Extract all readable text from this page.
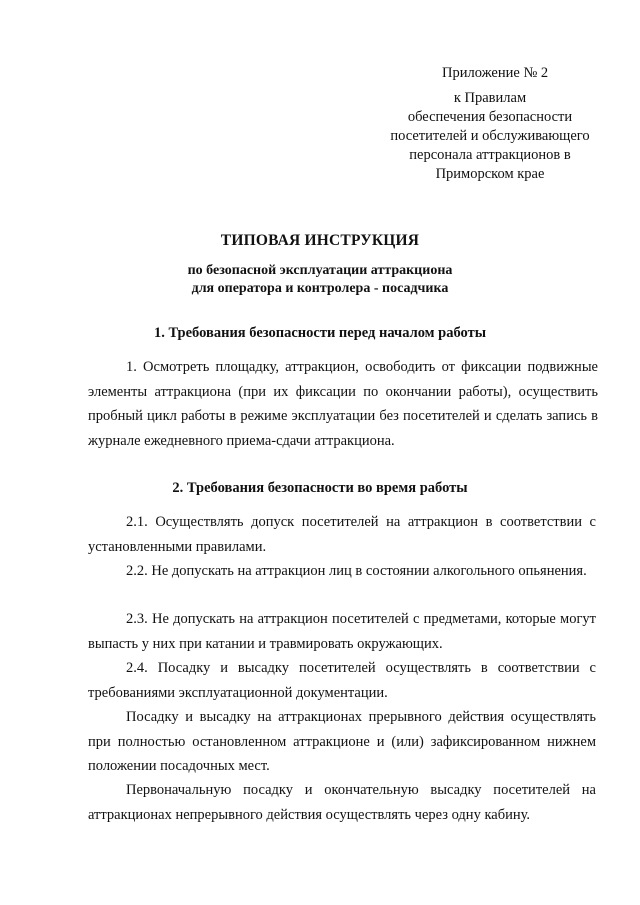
Приложение № 2
к Правилам
обеспечения безопасности
посетителей и обслуживающего
персонала аттракционов в
Приморском крае
ТИПОВАЯ ИНСТРУКЦИЯ
по безопасной эксплуатации аттракциона
для оператора и контролера - посадчика
1. Требования безопасности перед началом работы

1. Осмотреть площадку, аттракцион, освободить от фиксации подвижные элементы аттракциона (при их фиксации по окончании работы), осуществить пробный цикл работы в режиме эксплуатации без посетителей и сделать запись в журнале ежедневного приема-сдачи аттракциона.

2. Требования безопасности во время работы

2.1. Осуществлять допуск посетителей на аттракцион в соответствии с установленными правилами.

2.2. Не допускать на аттракцион лиц в состоянии алкогольного опьянения.

2.3. Не допускать на аттракцион посетителей с предметами, которые могут выпасть у них при катании и травмировать окружающих.

2.4. Посадку и высадку посетителей осуществлять в соответствии с требованиями эксплуатационной документации.

Посадку и высадку на аттракционах прерывного действия осуществлять при полностью остановленном аттракционе и (или) зафиксированном нижнем положении посадочных мест.

Первоначальную посадку и окончательную высадку посетителей на аттракционах непрерывного действия осуществлять через одну кабину.
